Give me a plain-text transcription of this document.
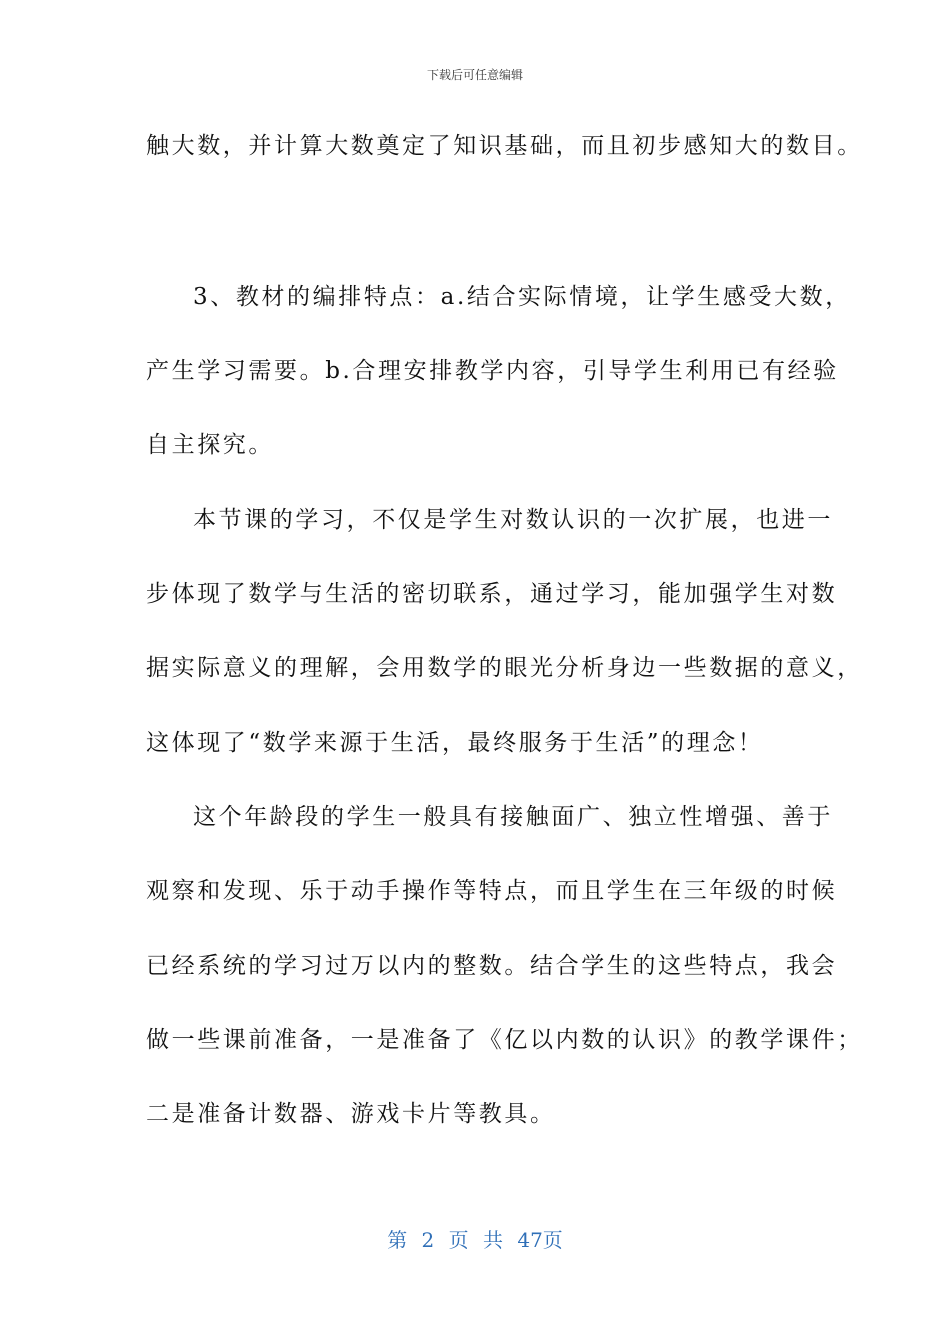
下载后可任意编辑
触大数，并计算大数奠定了知识基础，而且初步感知大的数目。
3、教材的编排特点：a.结合实际情境，让学生感受大数，
产生学习需要。b.合理安排教学内容，引导学生利用已有经验
自主探究。
本节课的学习，不仅是学生对数认识的一次扩展，也进一
步体现了数学与生活的密切联系，通过学习，能加强学生对数
据实际意义的理解，会用数学的眼光分析身边一些数据的意义，
这体现了“数学来源于生活，最终服务于生活”的理念！
这个年龄段的学生一般具有接触面广、独立性增强、善于
观察和发现、乐于动手操作等特点，而且学生在三年级的时候
已经系统的学习过万以内的整数。结合学生的这些特点，我会
做一些课前准备，一是准备了《亿以内数的认识》的教学课件；
二是准备计数器、游戏卡片等教具。
第 2 页 共 47页
